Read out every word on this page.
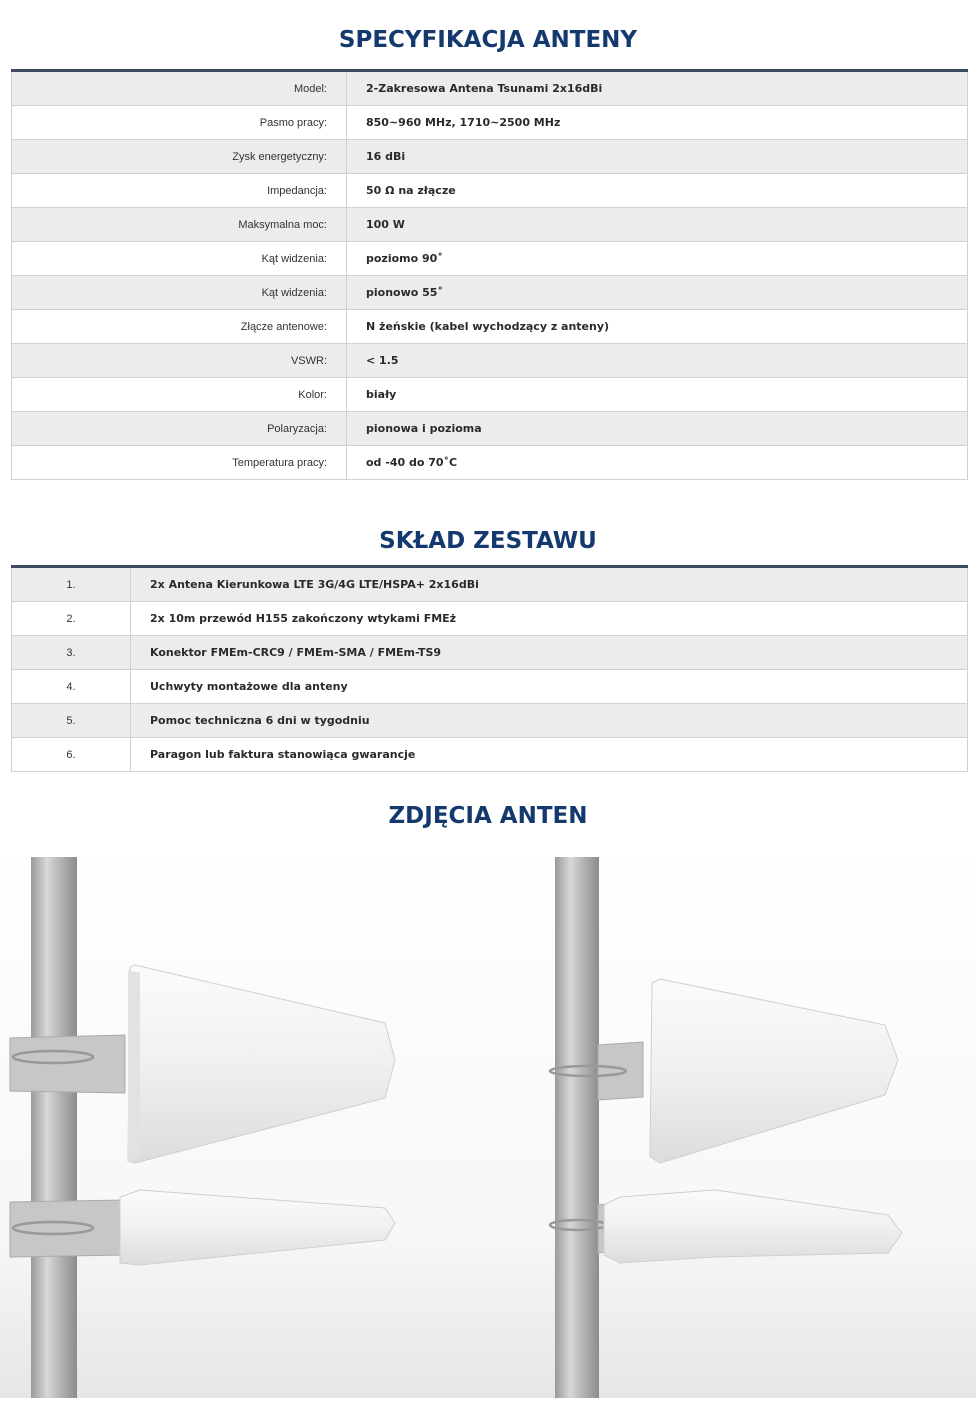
SPECYFIKACJA ANTENY
Model:	2-Zakresowa Antena Tsunami 2x16dBi
Pasmo pracy:	850~960 MHz, 1710~2500 MHz
Zysk energetyczny:	16 dBi
Impedancja:	50 Ω na złącze
Maksymalna moc:	100 W
Kąt widzenia:	poziomo 90˚
Kąt widzenia:	pionowo 55˚
Złącze antenowe:	N żeńskie (kabel wychodzący z anteny)
VSWR:	< 1.5
Kolor:	biały
Polaryzacja:	pionowa i pozioma
Temperatura pracy:	od -40 do 70˚C
SKŁAD ZESTAWU
1.	2x Antena Kierunkowa LTE 3G/4G LTE/HSPA+ 2x16dBi
2.	2x 10m przewód H155 zakończony wtykami FMEż
3.	Konektor FMEm-CRC9 / FMEm-SMA / FMEm-TS9
4.	Uchwyty montażowe dla anteny
5.	Pomoc techniczna 6 dni w tygodniu
6.	Paragon lub faktura stanowiąca gwarancje
ZDJĘCIA ANTEN
